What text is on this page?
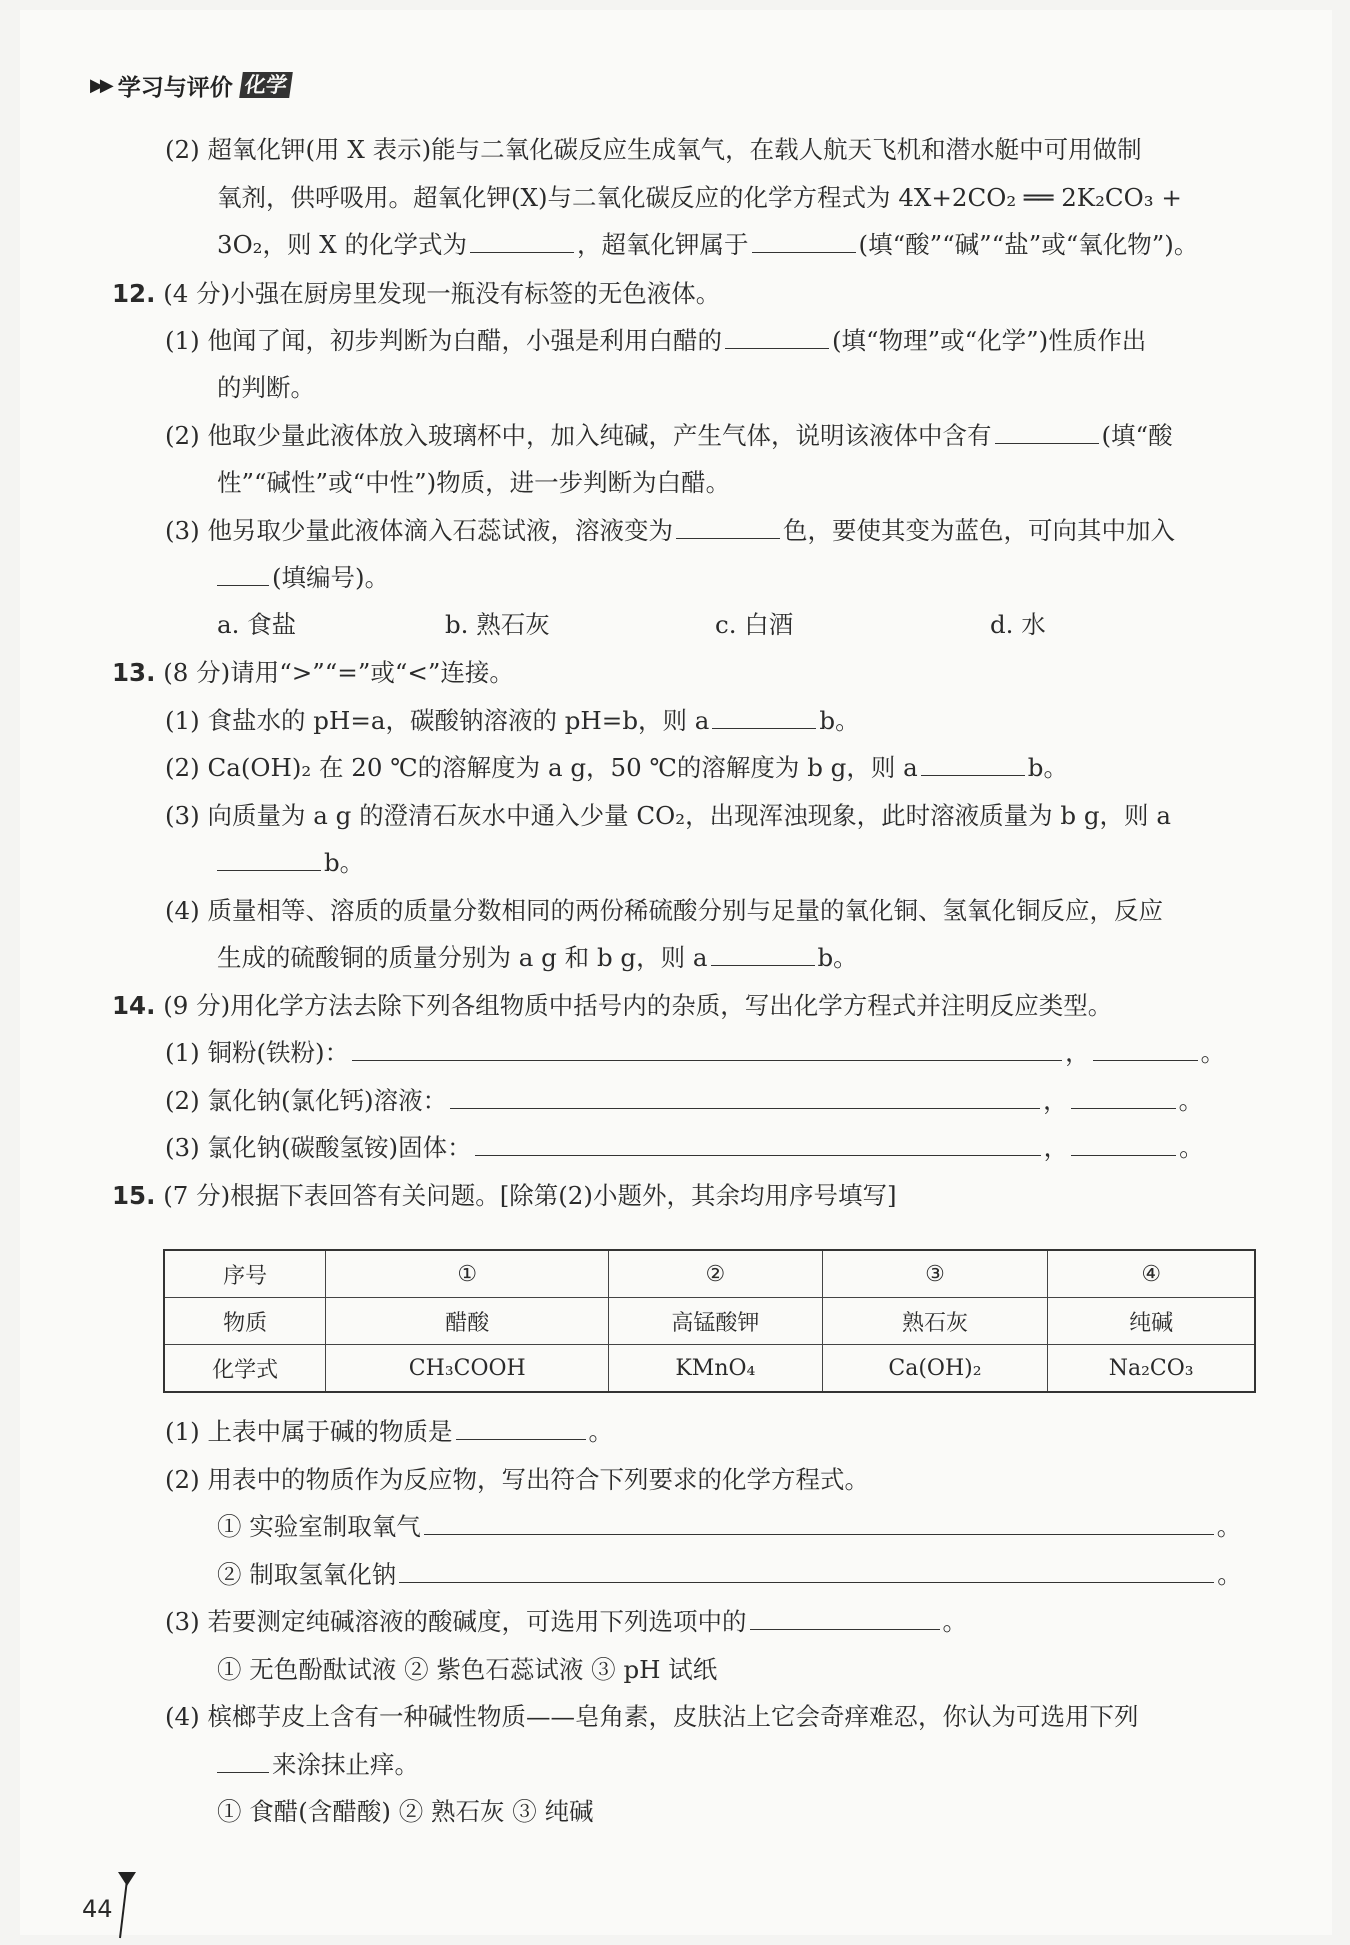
▶▶ 学习与评价 化学
(2) 超氧化钾(用 X 表示)能与二氧化碳反应生成氧气，在载人航天飞机和潜水艇中可用做制
氧剂，供呼吸用。超氧化钾(X)与二氧化碳反应的化学方程式为 4X+2CO₂ ══ 2K₂CO₃ +
3O₂，则 X 的化学式为	，超氧化钾属于	(填“酸”“碱”“盐”或“氧化物”)。
12. (4 分)小强在厨房里发现一瓶没有标签的无色液体。
(1) 他闻了闻，初步判断为白醋，小强是利用白醋的	(填“物理”或“化学”)性质作出
的判断。
(2) 他取少量此液体放入玻璃杯中，加入纯碱，产生气体，说明该液体中含有	(填“酸
性”“碱性”或“中性”)物质，进一步判断为白醋。
(3) 他另取少量此液体滴入石蕊试液，溶液变为	色，要使其变为蓝色，可向其中加入
(填编号)。
a. 食盐	b. 熟石灰	c. 白酒	d. 水
13. (8 分)请用“>”“=”或“<”连接。
(1) 食盐水的 pH=a，碳酸钠溶液的 pH=b，则 a	b。
(2) Ca(OH)₂ 在 20 ℃的溶解度为 a g，50 ℃的溶解度为 b g，则 a	b。
(3) 向质量为 a g 的澄清石灰水中通入少量 CO₂，出现浑浊现象，此时溶液质量为 b g，则 a
b。
(4) 质量相等、溶质的质量分数相同的两份稀硫酸分别与足量的氧化铜、氢氧化铜反应，反应
生成的硫酸铜的质量分别为 a g 和 b g，则 a	b。
14. (9 分)用化学方法去除下列各组物质中括号内的杂质，写出化学方程式并注明反应类型。
(1) 铜粉(铁粉)：	，	。
(2) 氯化钠(氯化钙)溶液：	，	。
(3) 氯化钠(碳酸氢铵)固体：	，	。
15. (7 分)根据下表回答有关问题。[除第(2)小题外，其余均用序号填写]
序号	①	②	③	④
物质	醋酸	高锰酸钾	熟石灰	纯碱
化学式	CH₃COOH	KMnO₄	Ca(OH)₂	Na₂CO₃
(1) 上表中属于碱的物质是	。
(2) 用表中的物质作为反应物，写出符合下列要求的化学方程式。
① 实验室制取氧气	。
② 制取氢氧化钠	。
(3) 若要测定纯碱溶液的酸碱度，可选用下列选项中的	。
① 无色酚酞试液 ② 紫色石蕊试液 ③ pH 试纸
(4) 槟榔芋皮上含有一种碱性物质——皂角素，皮肤沾上它会奇痒难忍，你认为可选用下列
来涂抹止痒。
① 食醋(含醋酸) ② 熟石灰 ③ 纯碱
44
